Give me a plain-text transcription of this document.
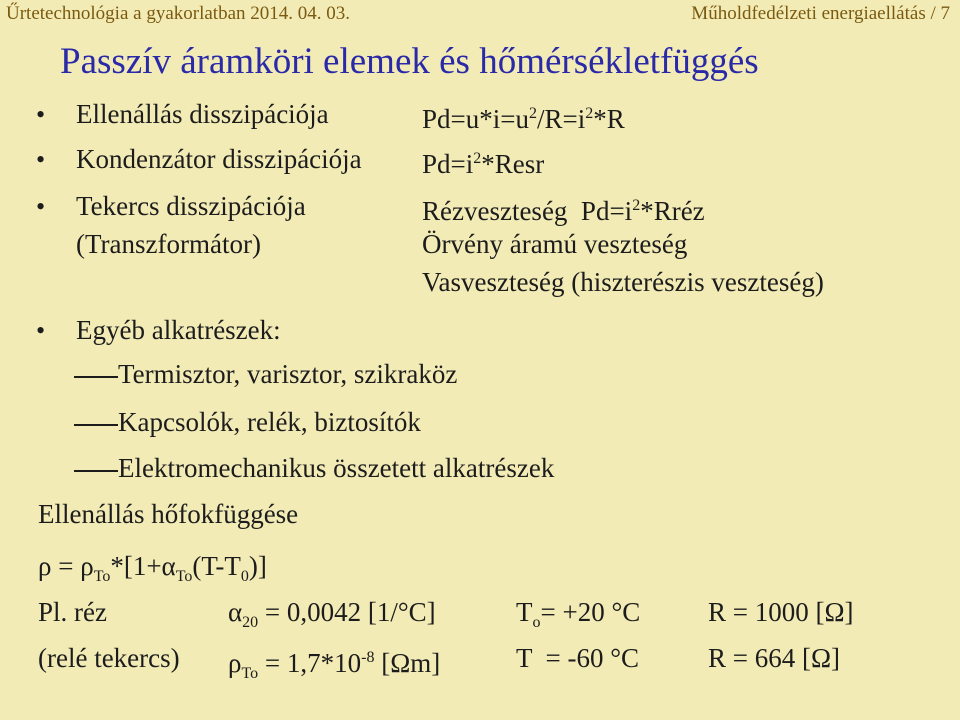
Űrtetechnológia a gyakorlatban 2014. 04. 03.	Műholdfedélzeti energiaellátás / 7
Passzív áramköri elemek és hőmérsékletfüggés
• Ellenállás disszipációja	$Pd=u*i=u^2/R=i^2*R$
• Kondenzátor disszipációja $Pd=i^2*Resr$
• Tekercs disszipációja
(Transzformátor)
Rézveszteség  $Pd=i^2*Rréz$
Örvény áramú veszteség
Vasveszteség (hiszterészis veszteség)
• Egyéb alkatrészek:
Termisztor, varisztor, szikraköz
Kapcsolók, relék, biztosítók
Elektromechanikus összetett alkatrészek
Ellenállás hőfokfüggése
$\rho = \rho_{To}*[1+\alpha_{To}(T-T_0)]$
Pl. réz	$\alpha_{20} = 0,0042$ [1/°C]	$T_o= +20$ °C	R = 1000 [Ω]
(relé tekercs) $\rho_{To} = 1,7*10^{-8}$ [Ωm]	T  = -60 °C	R = 664 [Ω]
